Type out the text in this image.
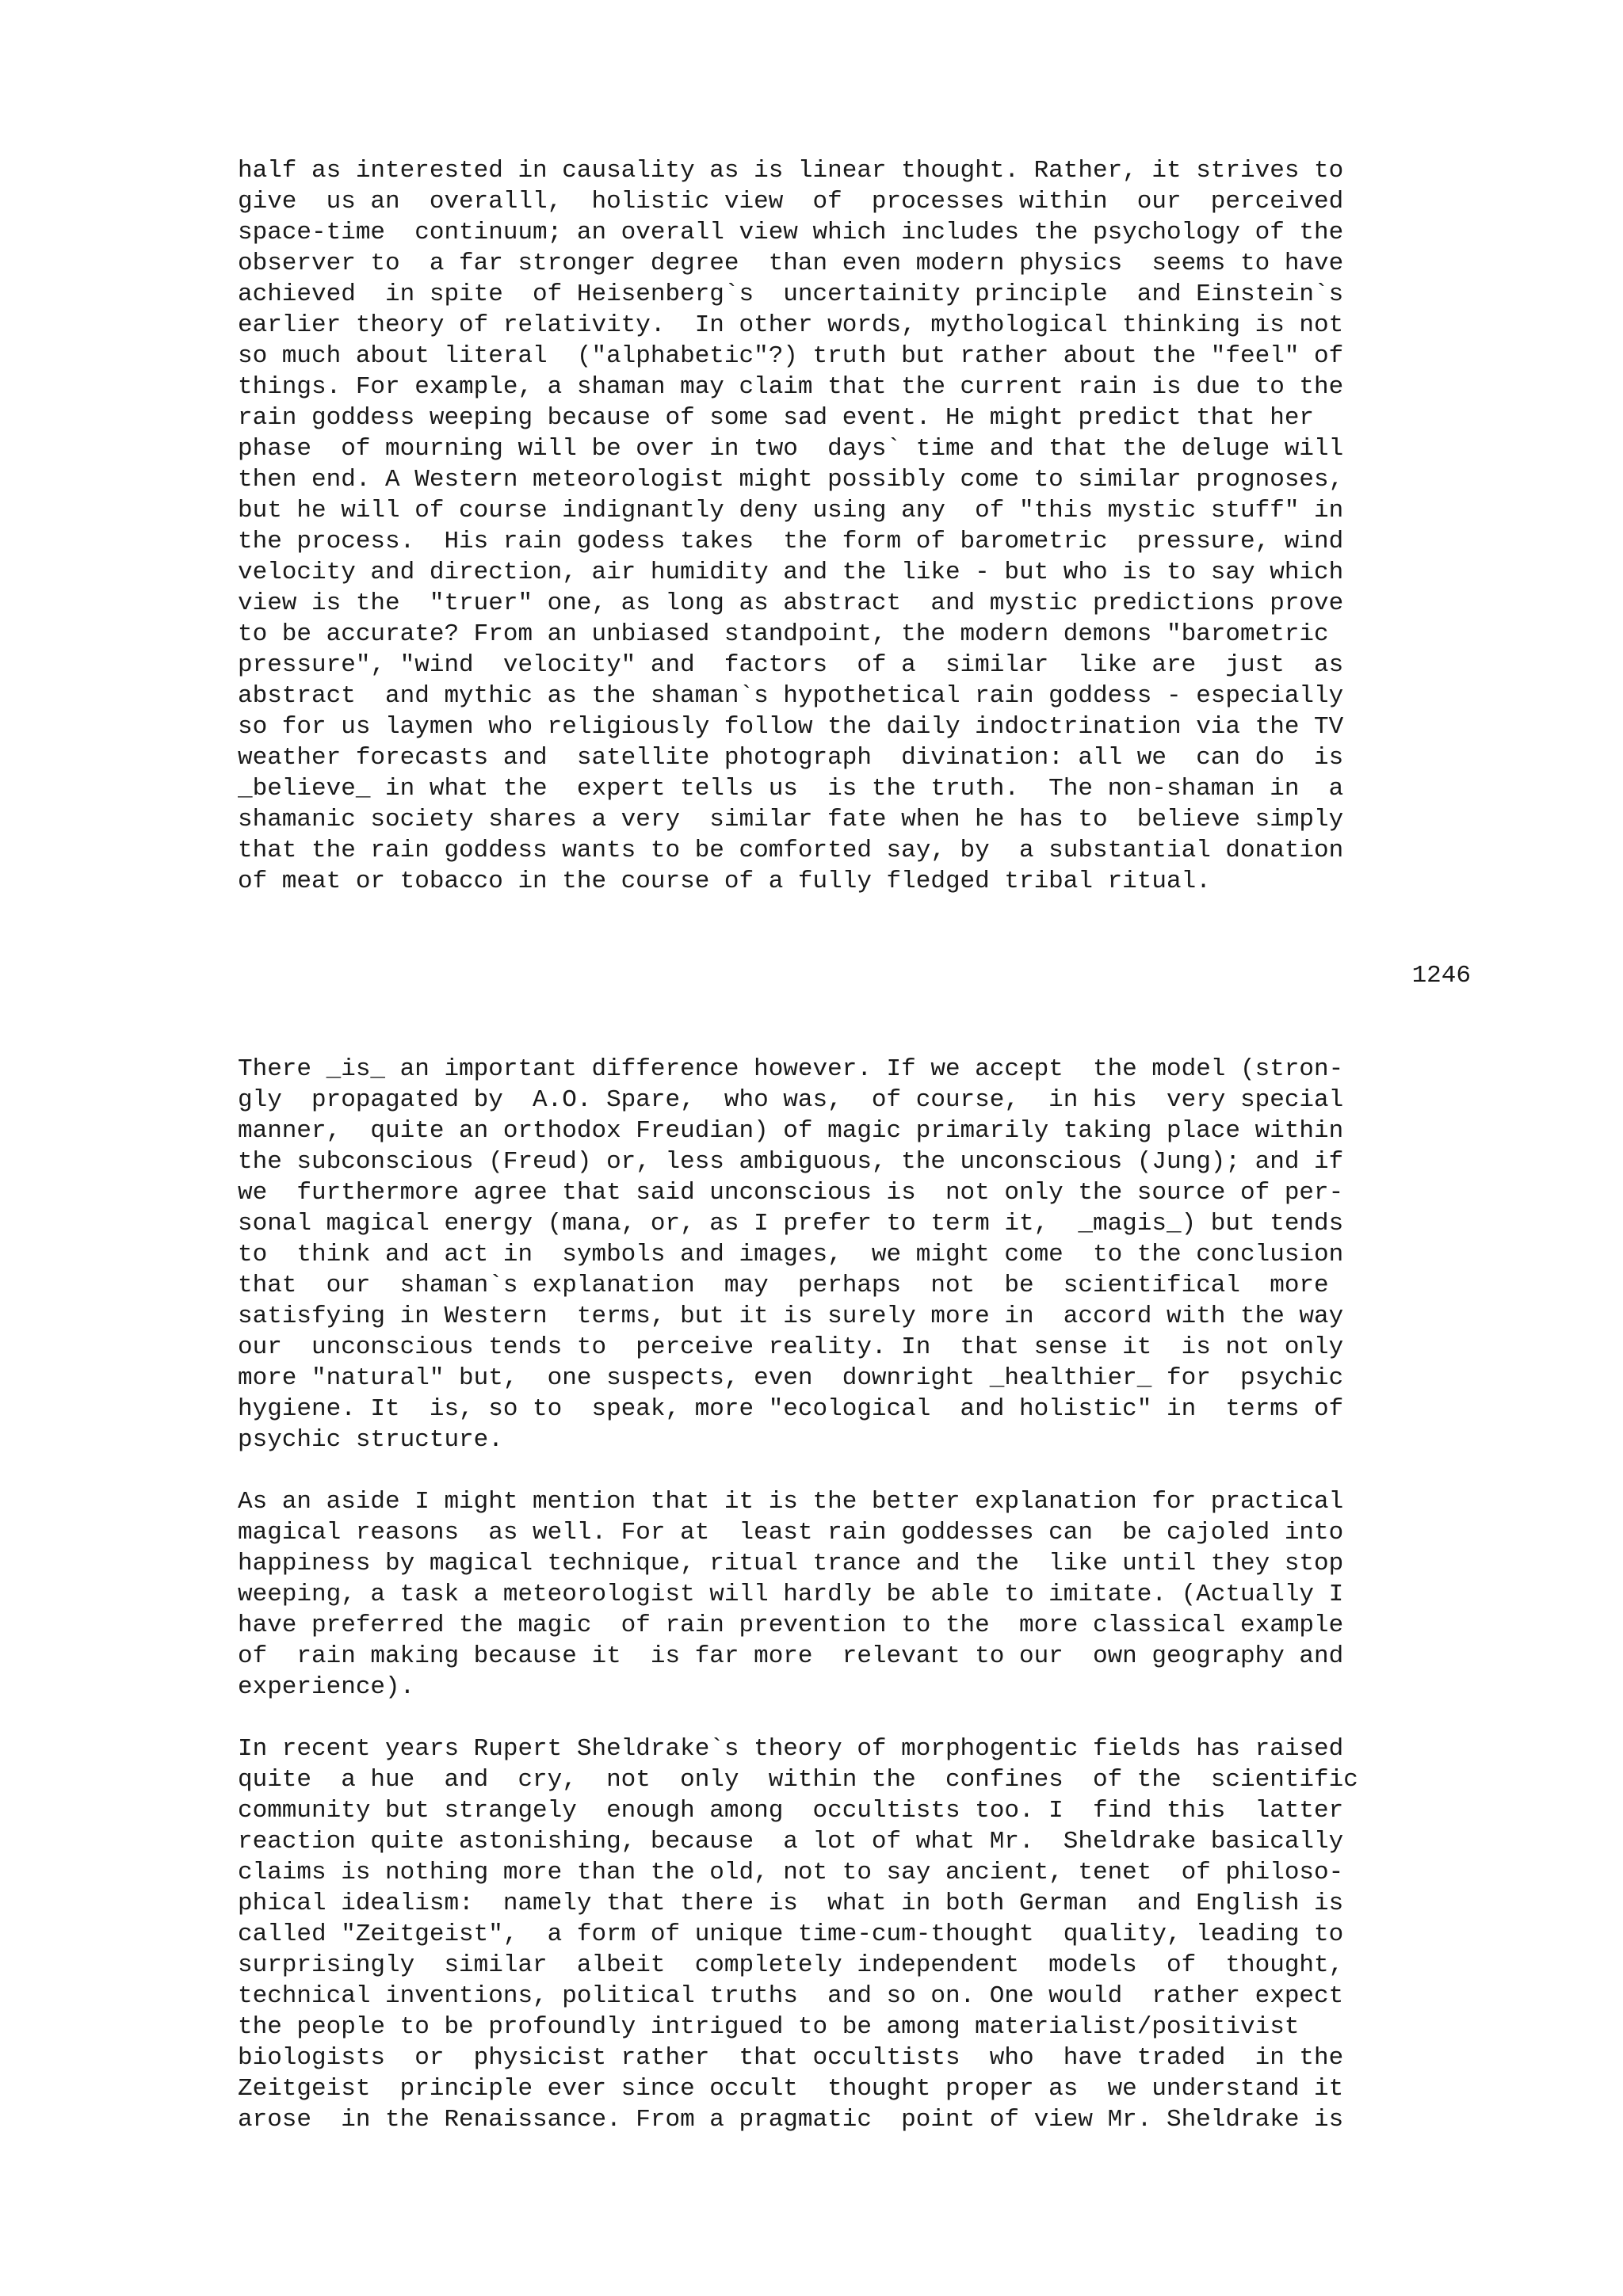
half as interested in causality as is linear thought. Rather, it strives to
give  us an  overalll,  holistic view  of  processes within  our  perceived
space-time  continuum; an overall view which includes the psychology of the
observer to  a far stronger degree  than even modern physics  seems to have
achieved  in spite  of Heisenberg`s  uncertainity principle  and Einstein`s
earlier theory of relativity.  In other words, mythological thinking is not
so much about literal  ("alphabetic"?) truth but rather about the "feel" of
things. For example, a shaman may claim that the current rain is due to the
rain goddess weeping because of some sad event. He might predict that her
phase  of mourning will be over in two  days` time and that the deluge will
then end. A Western meteorologist might possibly come to similar prognoses,
but he will of course indignantly deny using any  of "this mystic stuff" in
the process.  His rain godess takes  the form of barometric  pressure, wind
velocity and direction, air humidity and the like - but who is to say which
view is the  "truer" one, as long as abstract  and mystic predictions prove
to be accurate? From an unbiased standpoint, the modern demons "barometric
pressure", "wind  velocity" and  factors  of a  similar  like are  just  as
abstract  and mythic as the shaman`s hypothetical rain goddess - especially
so for us laymen who religiously follow the daily indoctrination via the TV
weather forecasts and  satellite photograph  divination: all we  can do  is
_believe_ in what the  expert tells us  is the truth.  The non-shaman in  a
shamanic society shares a very  similar fate when he has to  believe simply
that the rain goddess wants to be comforted say, by  a substantial donation
of meat or tobacco in the course of a fully fledged tribal ritual.
1246
There _is_ an important difference however. If we accept  the model (stron-
gly  propagated by  A.O. Spare,  who was,  of course,  in his  very special
manner,  quite an orthodox Freudian) of magic primarily taking place within
the subconscious (Freud) or, less ambiguous, the unconscious (Jung); and if
we  furthermore agree that said unconscious is  not only the source of per-
sonal magical energy (mana, or, as I prefer to term it,  _magis_) but tends
to  think and act in  symbols and images,  we might come  to the conclusion
that  our  shaman`s explanation  may  perhaps  not  be  scientifical  more
satisfying in Western  terms, but it is surely more in  accord with the way
our  unconscious tends to  perceive reality. In  that sense it  is not only
more "natural" but,  one suspects, even  downright _healthier_ for  psychic
hygiene. It  is, so to  speak, more "ecological  and holistic" in  terms of
psychic structure.
As an aside I might mention that it is the better explanation for practical
magical reasons  as well. For at  least rain goddesses can  be cajoled into
happiness by magical technique, ritual trance and the  like until they stop
weeping, a task a meteorologist will hardly be able to imitate. (Actually I
have preferred the magic  of rain prevention to the  more classical example
of  rain making because it  is far more  relevant to our  own geography and
experience).
In recent years Rupert Sheldrake`s theory of morphogentic fields has raised
quite  a hue  and  cry,  not  only  within the  confines  of the  scientific
community but strangely  enough among  occultists too. I  find this  latter
reaction quite astonishing, because  a lot of what Mr.  Sheldrake basically
claims is nothing more than the old, not to say ancient, tenet  of philoso-
phical idealism:  namely that there is  what in both German  and English is
called "Zeitgeist",  a form of unique time-cum-thought  quality, leading to
surprisingly  similar  albeit  completely independent  models  of  thought,
technical inventions, political truths  and so on. One would  rather expect
the people to be profoundly intrigued to be among materialist/positivist
biologists  or  physicist rather  that occultists  who  have traded  in the
Zeitgeist  principle ever since occult  thought proper as  we understand it
arose  in the Renaissance. From a pragmatic  point of view Mr. Sheldrake is
